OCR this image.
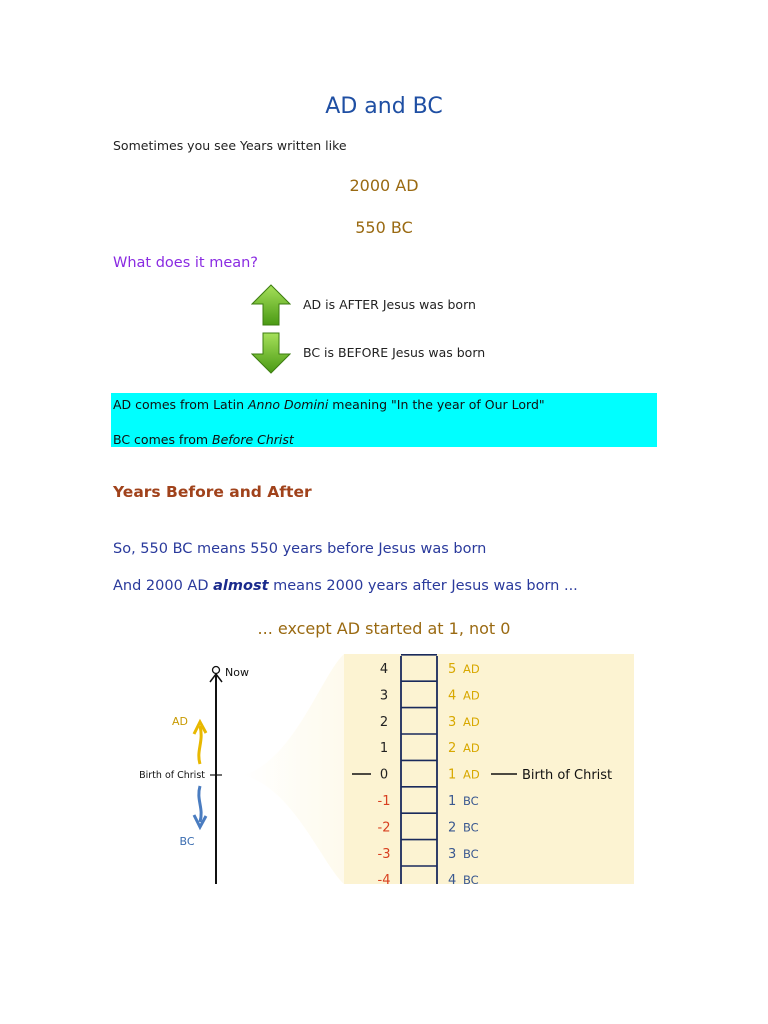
AD and BC
Sometimes you see Years written like
2000 AD
550 BC
What does it mean?
AD is AFTER Jesus was born
BC is BEFORE Jesus was born
AD comes from Latin Anno Domini meaning "In the year of Our Lord"
BC comes from Before Christ
Years Before and After
So, 550 BC means 550 years before Jesus was born
And 2000 AD almost means 2000 years after Jesus was born ...
... except AD started at 1, not 0
Now
Birth of Christ
AD
BC
4
3
2
1
0
-1
-2
-3
-4
5 AD
4 AD
3 AD
2 AD
1 AD
1 BC
2 BC
3 BC
4 BC
Birth of Christ
